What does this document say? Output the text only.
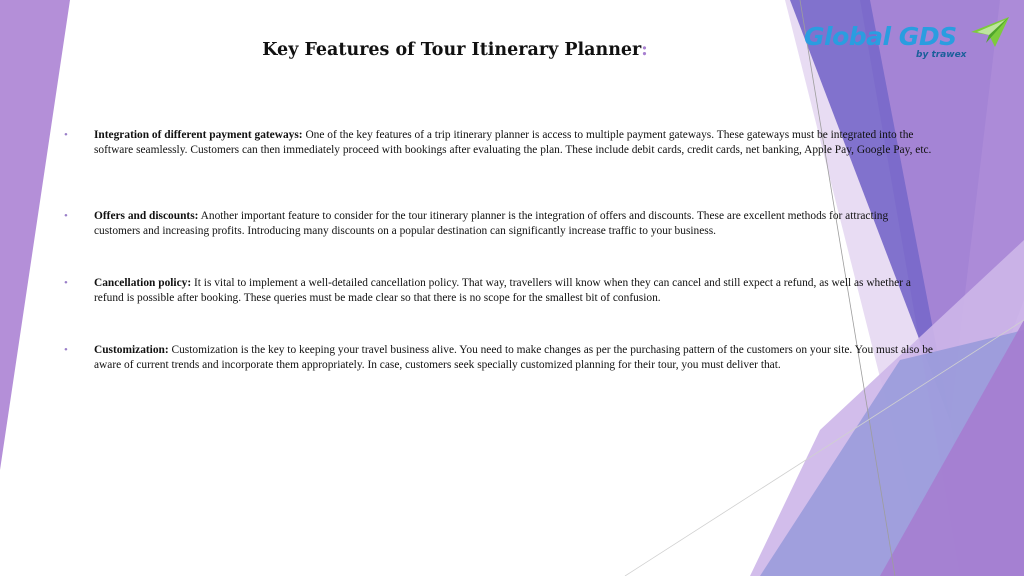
Key Features of Tour Itinerary Planner:	Global GDS
by trawex
• Integration of different payment gateways: One of the key features of a trip itinerary planner is access to multiple payment gateways. These gateways must be integrated into the software seamlessly. Customers can then immediately proceed with bookings after evaluating the plan. These include debit cards, credit cards, net banking, Apple Pay, Google Pay, etc.
• Offers and discounts: Another important feature to consider for the tour itinerary planner is the integration of offers and discounts. These are excellent methods for attracting customers and increasing profits. Introducing many discounts on a popular destination can significantly increase traffic to your business.
• Cancellation policy: It is vital to implement a well-detailed cancellation policy. That way, travellers will know when they can cancel and still expect a refund, as well as whether a refund is possible after booking. These queries must be made clear so that there is no scope for the smallest bit of confusion.
• Customization: Customization is the key to keeping your travel business alive. You need to make changes as per the purchasing pattern of the customers on your site. You must also be aware of current trends and incorporate them appropriately. In case, customers seek specially customized planning for their tour, you must deliver that.
